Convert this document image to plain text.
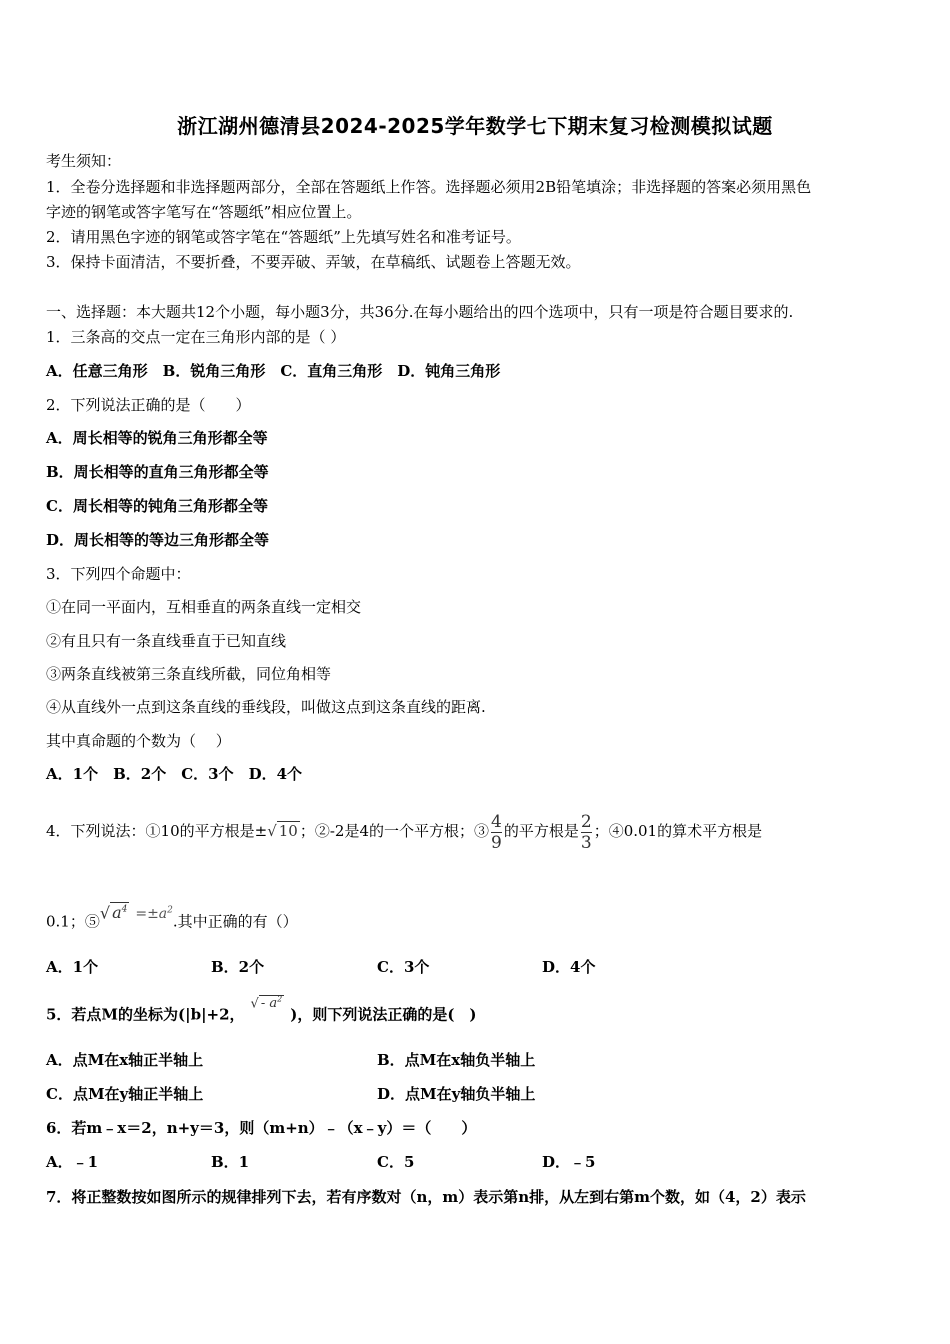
浙江湖州德清县2024-2025学年数学七下期末复习检测模拟试题
考生须知：
1．全卷分选择题和非选择题两部分，全部在答题纸上作答。选择题必须用2B铅笔填涂；非选择题的答案必须用黑色
字迹的钢笔或答字笔写在“答题纸”相应位置上。
2．请用黑色字迹的钢笔或答字笔在“答题纸”上先填写姓名和准考证号。
3．保持卡面清洁，不要折叠，不要弄破、弄皱，在草稿纸、试题卷上答题无效。
一、选择题：本大题共12个小题，每小题3分，共36分.在每小题给出的四个选项中，只有一项是符合题目要求的.
1．三条高的交点一定在三角形内部的是（ ）
A．任意三角形　B．锐角三角形　C．直角三角形　D．钝角三角形
2．下列说法正确的是（　　）
A．周长相等的锐角三角形都全等
B．周长相等的直角三角形都全等
C．周长相等的钝角三角形都全等
D．周长相等的等边三角形都全等
3．下列四个命题中：
①在同一平面内，互相垂直的两条直线一定相交
②有且只有一条直线垂直于已知直线
③两条直线被第三条直线所截，同位角相等
④从直线外一点到这条直线的垂线段，叫做这点到这条直线的距离.
其中真命题的个数为（　 ）
A．1个　B．2个　C．3个　D．4个
4．下列说法：①10的平方根是±√ 10 ；②-2是4的一个平方根；③ $\frac{4}{9}$ 的平方根是 $\frac{2}{3}$ ；④0.01的算术平方根是
0.1；⑤√ $a^4 =\pm a^2$.其中正确的有（）
A．1个	B．2个	C．3个	D．4个
5．若点M的坐标为(|b|+2，√ - $a^2$)，则下列说法正确的是(　)
A．点M在x轴正半轴上	B．点M在x轴负半轴上
C．点M在y轴正半轴上	D．点M在y轴负半轴上
6．若m﹣x＝2，n+y＝3，则（m+n）﹣（x﹣y）＝（　　）
A．﹣1	B．1	C．5	D．﹣5
7．将正整数按如图所示的规律排列下去，若有序数对（n，m）表示第n排，从左到右第m个数，如（4，2）表示
